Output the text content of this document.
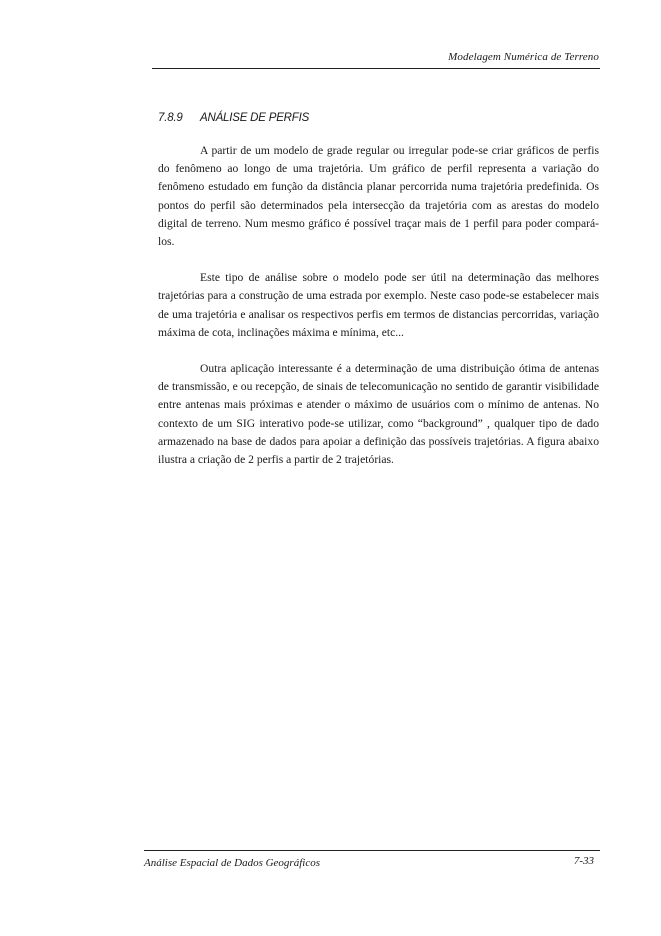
Modelagem Numérica de Terreno
7.8.9 ANÁLISE DE PERFIS

A partir de um modelo de grade regular ou irregular pode-se criar gráficos de perfis do fenômeno ao longo de uma trajetória. Um gráfico de perfil representa a variação do fenômeno estudado em função da distância planar percorrida numa trajetória predefinida. Os pontos do perfil são determinados pela intersecção da trajetória com as arestas do modelo digital de terreno. Num mesmo gráfico é possível traçar mais de 1 perfil para poder compará-los.

Este tipo de análise sobre o modelo pode ser útil na determinação das melhores trajetórias para a construção de uma estrada por exemplo. Neste caso pode-se estabelecer mais de uma trajetória e analisar os respectivos perfis em termos de distancias percorridas, variação máxima de cota, inclinações máxima e mínima, etc...

Outra aplicação interessante é a determinação de uma distribuição ótima de antenas de transmissão, e ou recepção, de sinais de telecomunicação no sentido de garantir visibilidade entre antenas mais próximas e atender o máximo de usuários com o mínimo de antenas. No contexto de um SIG interativo pode-se utilizar, como “background” , qualquer tipo de dado armazenado na base de dados para apoiar a definição das possíveis trajetórias. A figura abaixo ilustra a criação de 2 perfis a partir de 2 trajetórias.

Análise Espacial de Dados Geográficos	7-33
